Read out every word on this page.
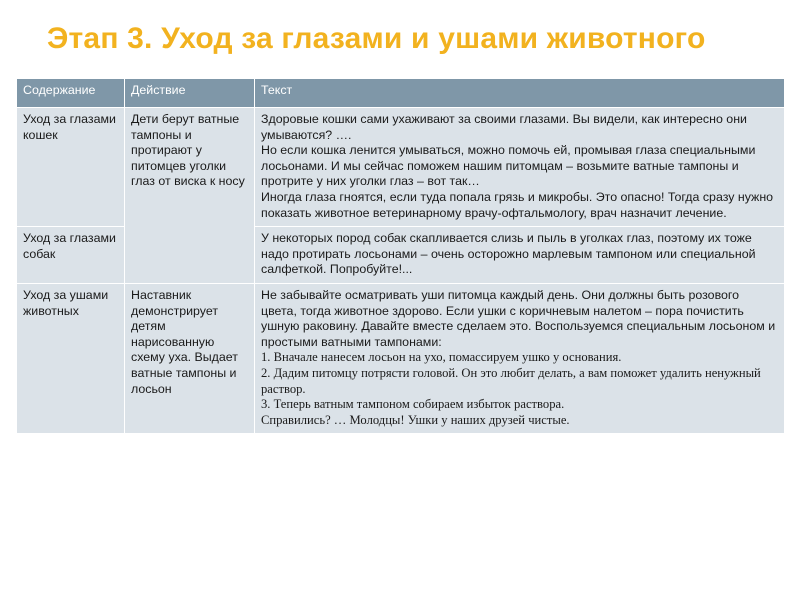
Этап 3. Уход за глазами и ушами животного
Содержание	Действие	Текст
Уход за глазами кошек	Дети берут ватные тампоны и протирают у питомцев уголки глаз от виска к носу	Здоровые кошки сами ухаживают за своими глазами. Вы видели, как интересно они умываются? ….
Но если кошка ленится умываться, можно помочь ей, промывая глаза специальными лосьонами. И мы сейчас поможем нашим питомцам – возьмите ватные тампоны и протрите у них уголки глаз – вот так…
Иногда глаза гноятся, если туда попала грязь и микробы. Это опасно! Тогда сразу нужно показать животное ветеринарному врачу-офтальмологу, врач назначит лечение.

Уход за глазами собак		У некоторых пород собак скапливается слизь и пыль в уголках глаз, поэтому их тоже надо протирать лосьонами – очень осторожно марлевым тампоном или специальной салфеткой. Попробуйте!...

Уход за ушами животных	Наставник демонстрирует детям нарисованную схему уха. Выдает ватные тампоны и лосьон	Не забывайте осматривать уши питомца каждый день. Они должны быть розового цвета, тогда животное здорово. Если ушки с коричневым налетом – пора почистить ушную раковину. Давайте вместе сделаем это. Воспользуемся специальным лосьоном и простыми ватными тампонами:
1. Вначале нанесем лосьон на ухо, помассируем ушко у основания.
2. Дадим питомцу потрясти головой. Он это любит делать, а вам поможет удалить ненужный раствор.
3. Теперь ватным тампоном собираем избыток раствора.
Справились? … Молодцы! Ушки у наших друзей чистые.
